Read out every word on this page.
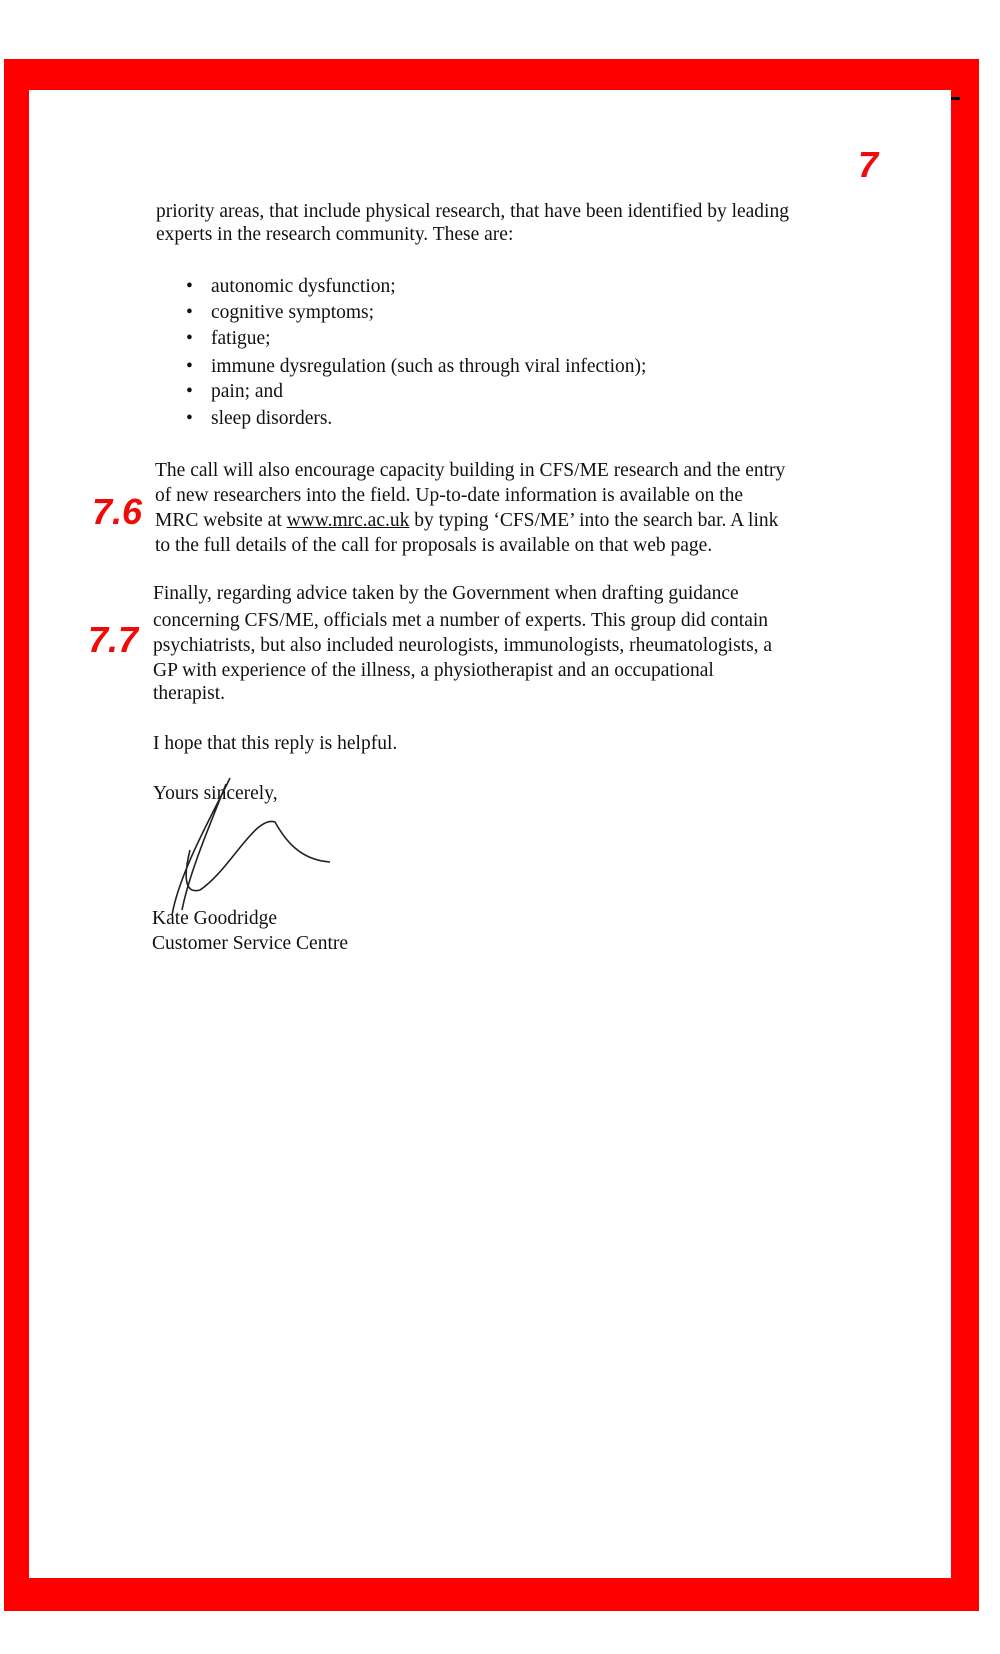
7
7.6
7.7
priority areas, that include physical research, that have been identified by leading
experts in the research community. These are:
• autonomic dysfunction;
• cognitive symptoms;
• fatigue;
• immune dysregulation (such as through viral infection);
• pain; and
• sleep disorders.
The call will also encourage capacity building in CFS/ME research and the entry
of new researchers into the field. Up-to-date information is available on the
MRC website at www.mrc.ac.uk by typing ‘CFS/ME’ into the search bar. A link
to the full details of the call for proposals is available on that web page.
Finally, regarding advice taken by the Government when drafting guidance
concerning CFS/ME, officials met a number of experts. This group did contain
psychiatrists, but also included neurologists, immunologists, rheumatologists, a
GP with experience of the illness, a physiotherapist and an occupational
therapist.
I hope that this reply is helpful.
Yours sincerely,
Kate Goodridge
Customer Service Centre
